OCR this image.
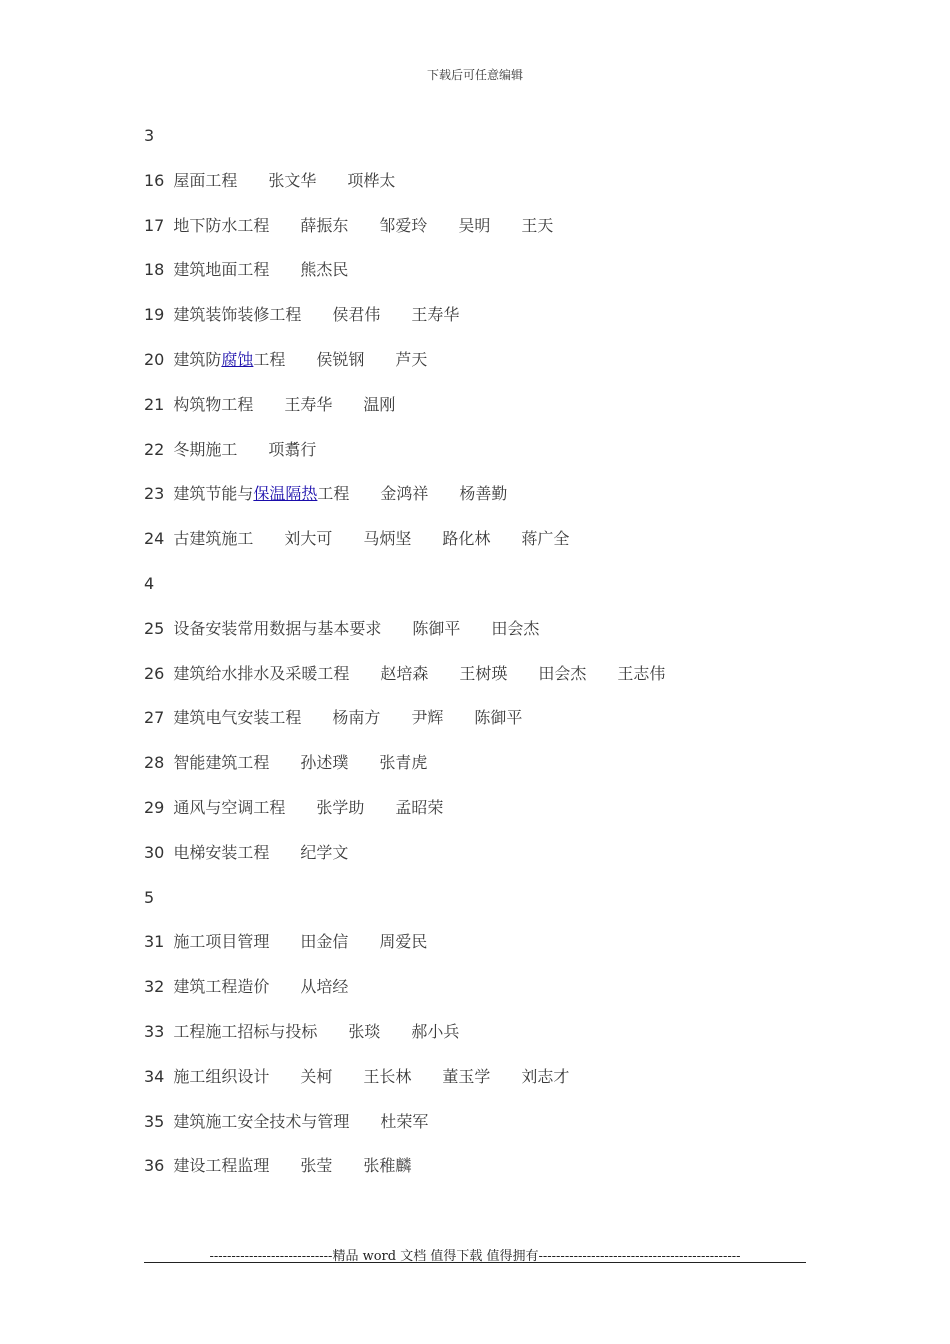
下载后可任意编辑
3
16 屋面工程 张文华 项桦太
17 地下防水工程 薛振东 邹爱玲 吴明 王天
18 建筑地面工程 熊杰民
19 建筑装饰装修工程 侯君伟 王寿华
20 建筑防腐蚀工程 侯锐钢 芦天
21 构筑物工程 王寿华 温刚
22 冬期施工 项翥行
23 建筑节能与保温隔热工程 金鸿祥 杨善勤
24 古建筑施工 刘大可 马炳坚 路化林 蒋广全
4
25 设备安装常用数据与基本要求 陈御平 田会杰
26 建筑给水排水及采暖工程 赵培森 王树瑛 田会杰 王志伟
27 建筑电气安装工程 杨南方 尹辉 陈御平
28 智能建筑工程 孙述璞 张青虎
29 通风与空调工程 张学助 孟昭荣
30 电梯安装工程 纪学文
5
31 施工项目管理 田金信 周爱民
32 建筑工程造价 从培经
33 工程施工招标与投标 张琰 郝小兵
34 施工组织设计 关柯 王长林 董玉学 刘志才
35 建筑施工安全技术与管理 杜荣军
36 建设工程监理 张莹 张稚麟
----------------------------精品 word 文档 值得下载 值得拥有----------------------------------------------
